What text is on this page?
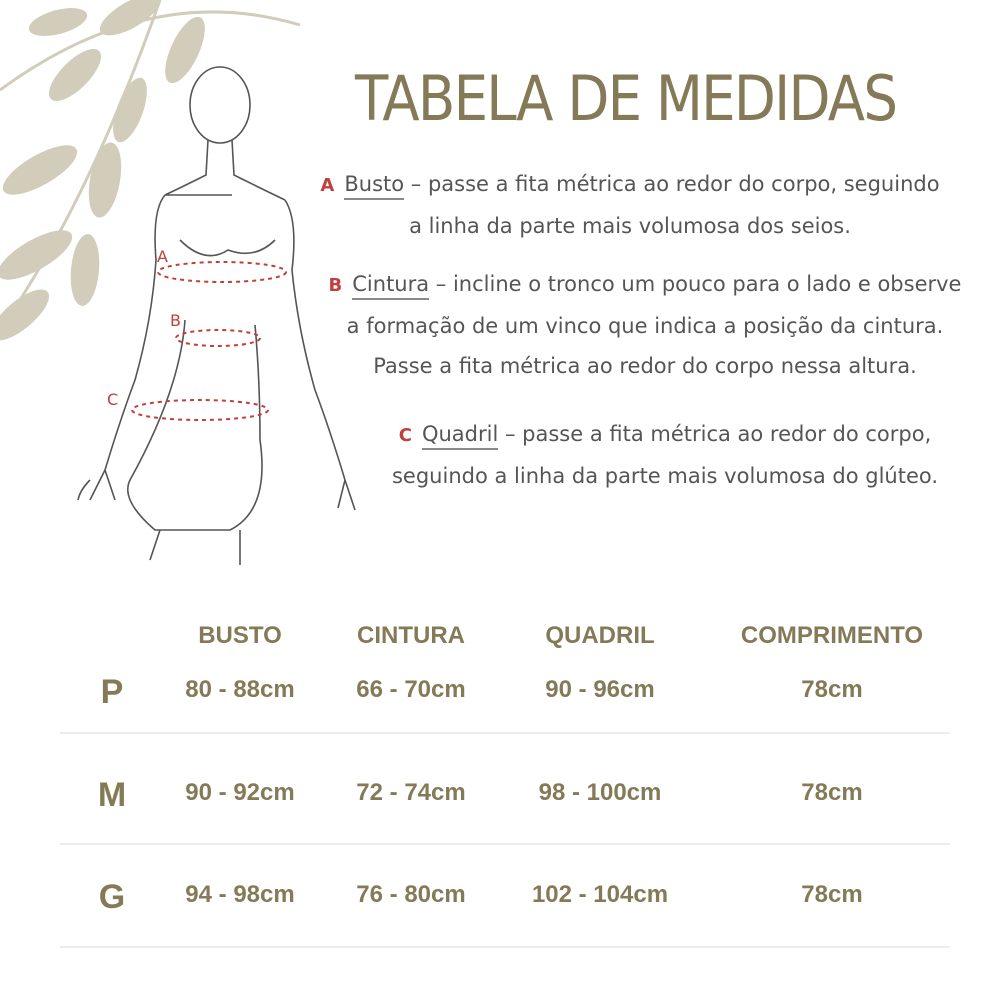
A
B
C
TABELA DE MEDIDAS
A Busto – passe a fita métrica ao redor do corpo, seguindo
a linha da parte mais volumosa dos seios.
B Cintura – incline o tronco um pouco para o lado e observe
a formação de um vinco que indica a posição da cintura.
Passe a fita métrica ao redor do corpo nessa altura.
C Quadril – passe a fita métrica ao redor do corpo,
seguindo a linha da parte mais volumosa do glúteo.
BUSTO	CINTURA	QUADRIL	COMPRIMENTO
P	80 - 88cm	66 - 70cm	90 - 96cm	78cm
M	90 - 92cm	72 - 74cm	98 - 100cm	78cm
G	94 - 98cm	76 - 80cm	102 - 104cm	78cm
